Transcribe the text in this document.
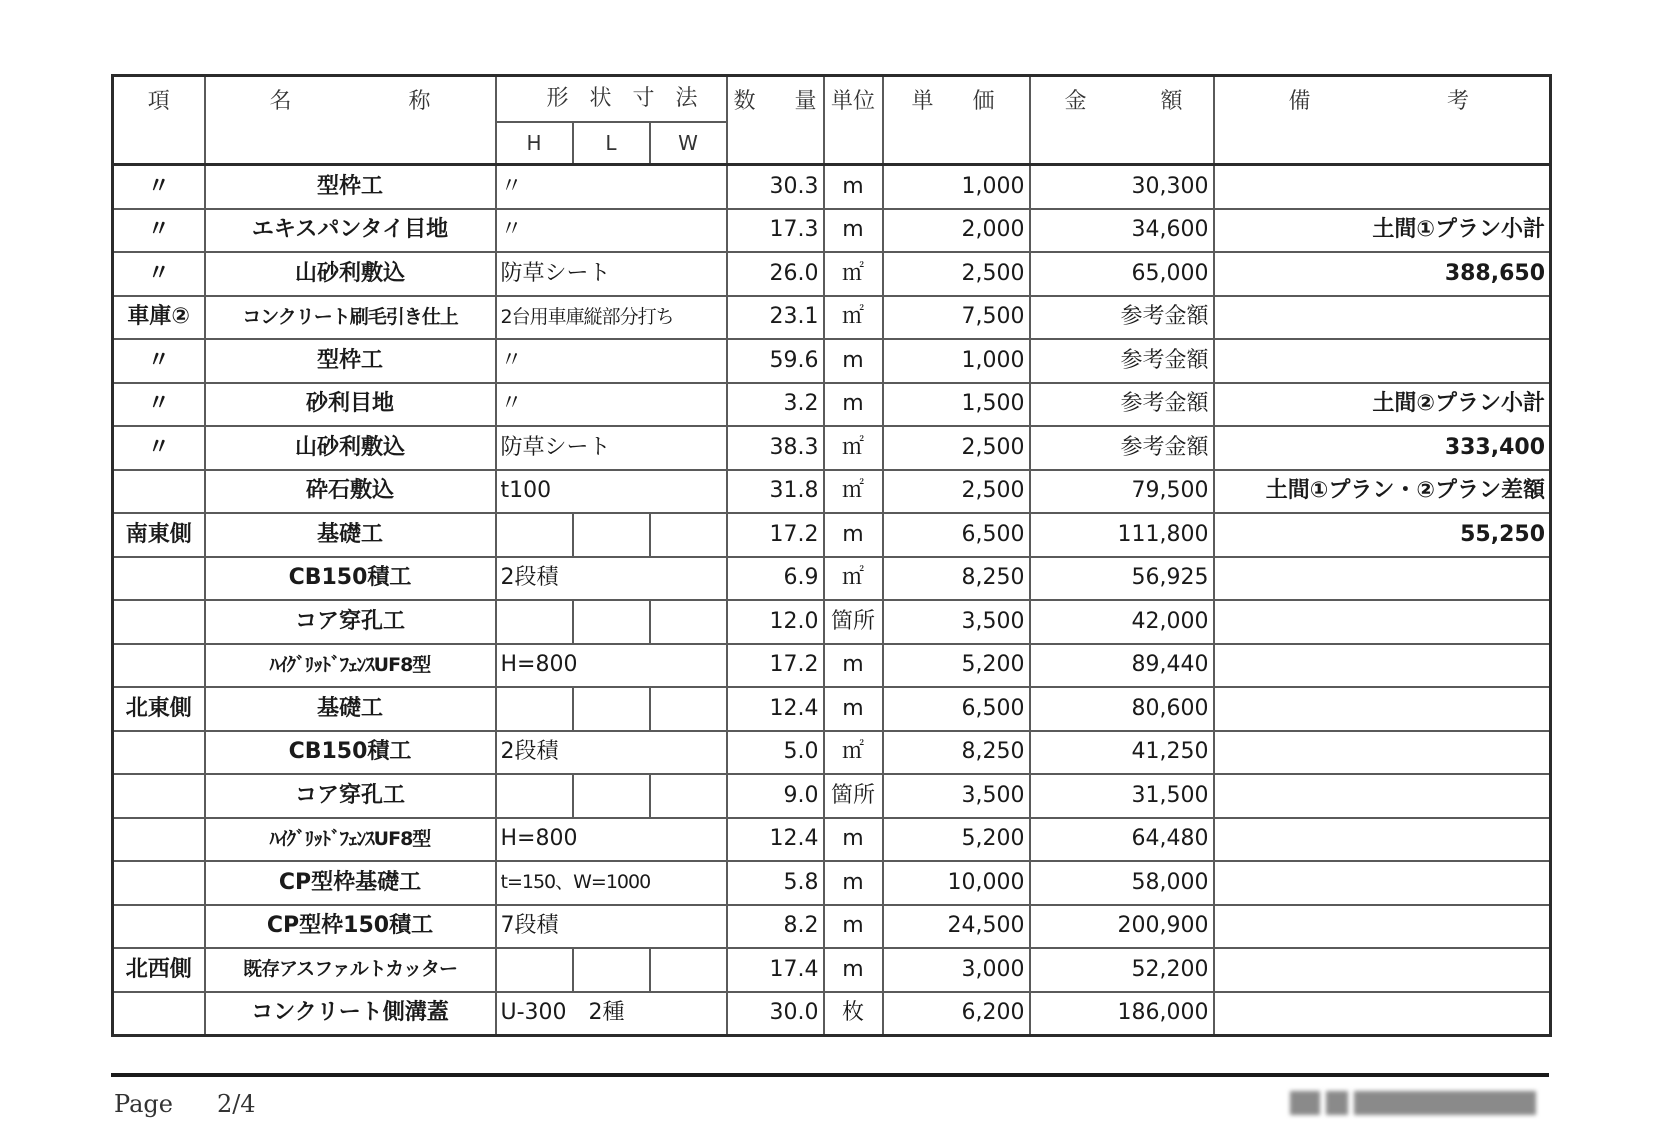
項	名 称	形 状 寸 法			数 量	単位	単 価	金 額	備 考

		H	L	W					
〃	型枠工	〃			30.3	m	1,000	30,300	
〃	エキスパンタイ目地	〃			17.3	m	2,000	34,600	土間①プラン小計
〃	山砂利敷込	防草シート			26.0	㎡	2,500	65,000	388,650
車庫②	コンクリート刷毛引き仕上	2台用車庫縦部分打ち			23.1	㎡	7,500	参考金額	
〃	型枠工	〃			59.6	m	1,000	参考金額	
〃	砂利目地	〃			3.2	m	1,500	参考金額	土間②プラン小計
〃	山砂利敷込	防草シート			38.3	㎡	2,500	参考金額	333,400
	砕石敷込	t100			31.8	㎡	2,500	79,500	土間①プラン・②プラン差額
南東側	基礎工				17.2	m	6,500	111,800	55,250
	CB150積工	2段積			6.9	㎡	8,250	56,925	
	コア穿孔工				12.0	箇所	3,500	42,000	
	ﾊｲｸﾞﾘｯﾄﾞﾌｪﾝｽUF8型	H=800			17.2	m	5,200	89,440	
北東側	基礎工				12.4	m	6,500	80,600	
	CB150積工	2段積			5.0	㎡	8,250	41,250	
	コア穿孔工				9.0	箇所	3,500	31,500	
	ﾊｲｸﾞﾘｯﾄﾞﾌｪﾝｽUF8型	H=800			12.4	m	5,200	64,480	
	CP型枠基礎工	t=150、W=1000			5.8	m	10,000	58,000	
	CP型枠150積工	7段積			8.2	m	24,500	200,900	
北西側	既存アスファルトカッター				17.4	m	3,000	52,200	
	コンクリート側溝蓋	U-300　2種			30.0	枚	6,200	186,000	
Page 2/4
